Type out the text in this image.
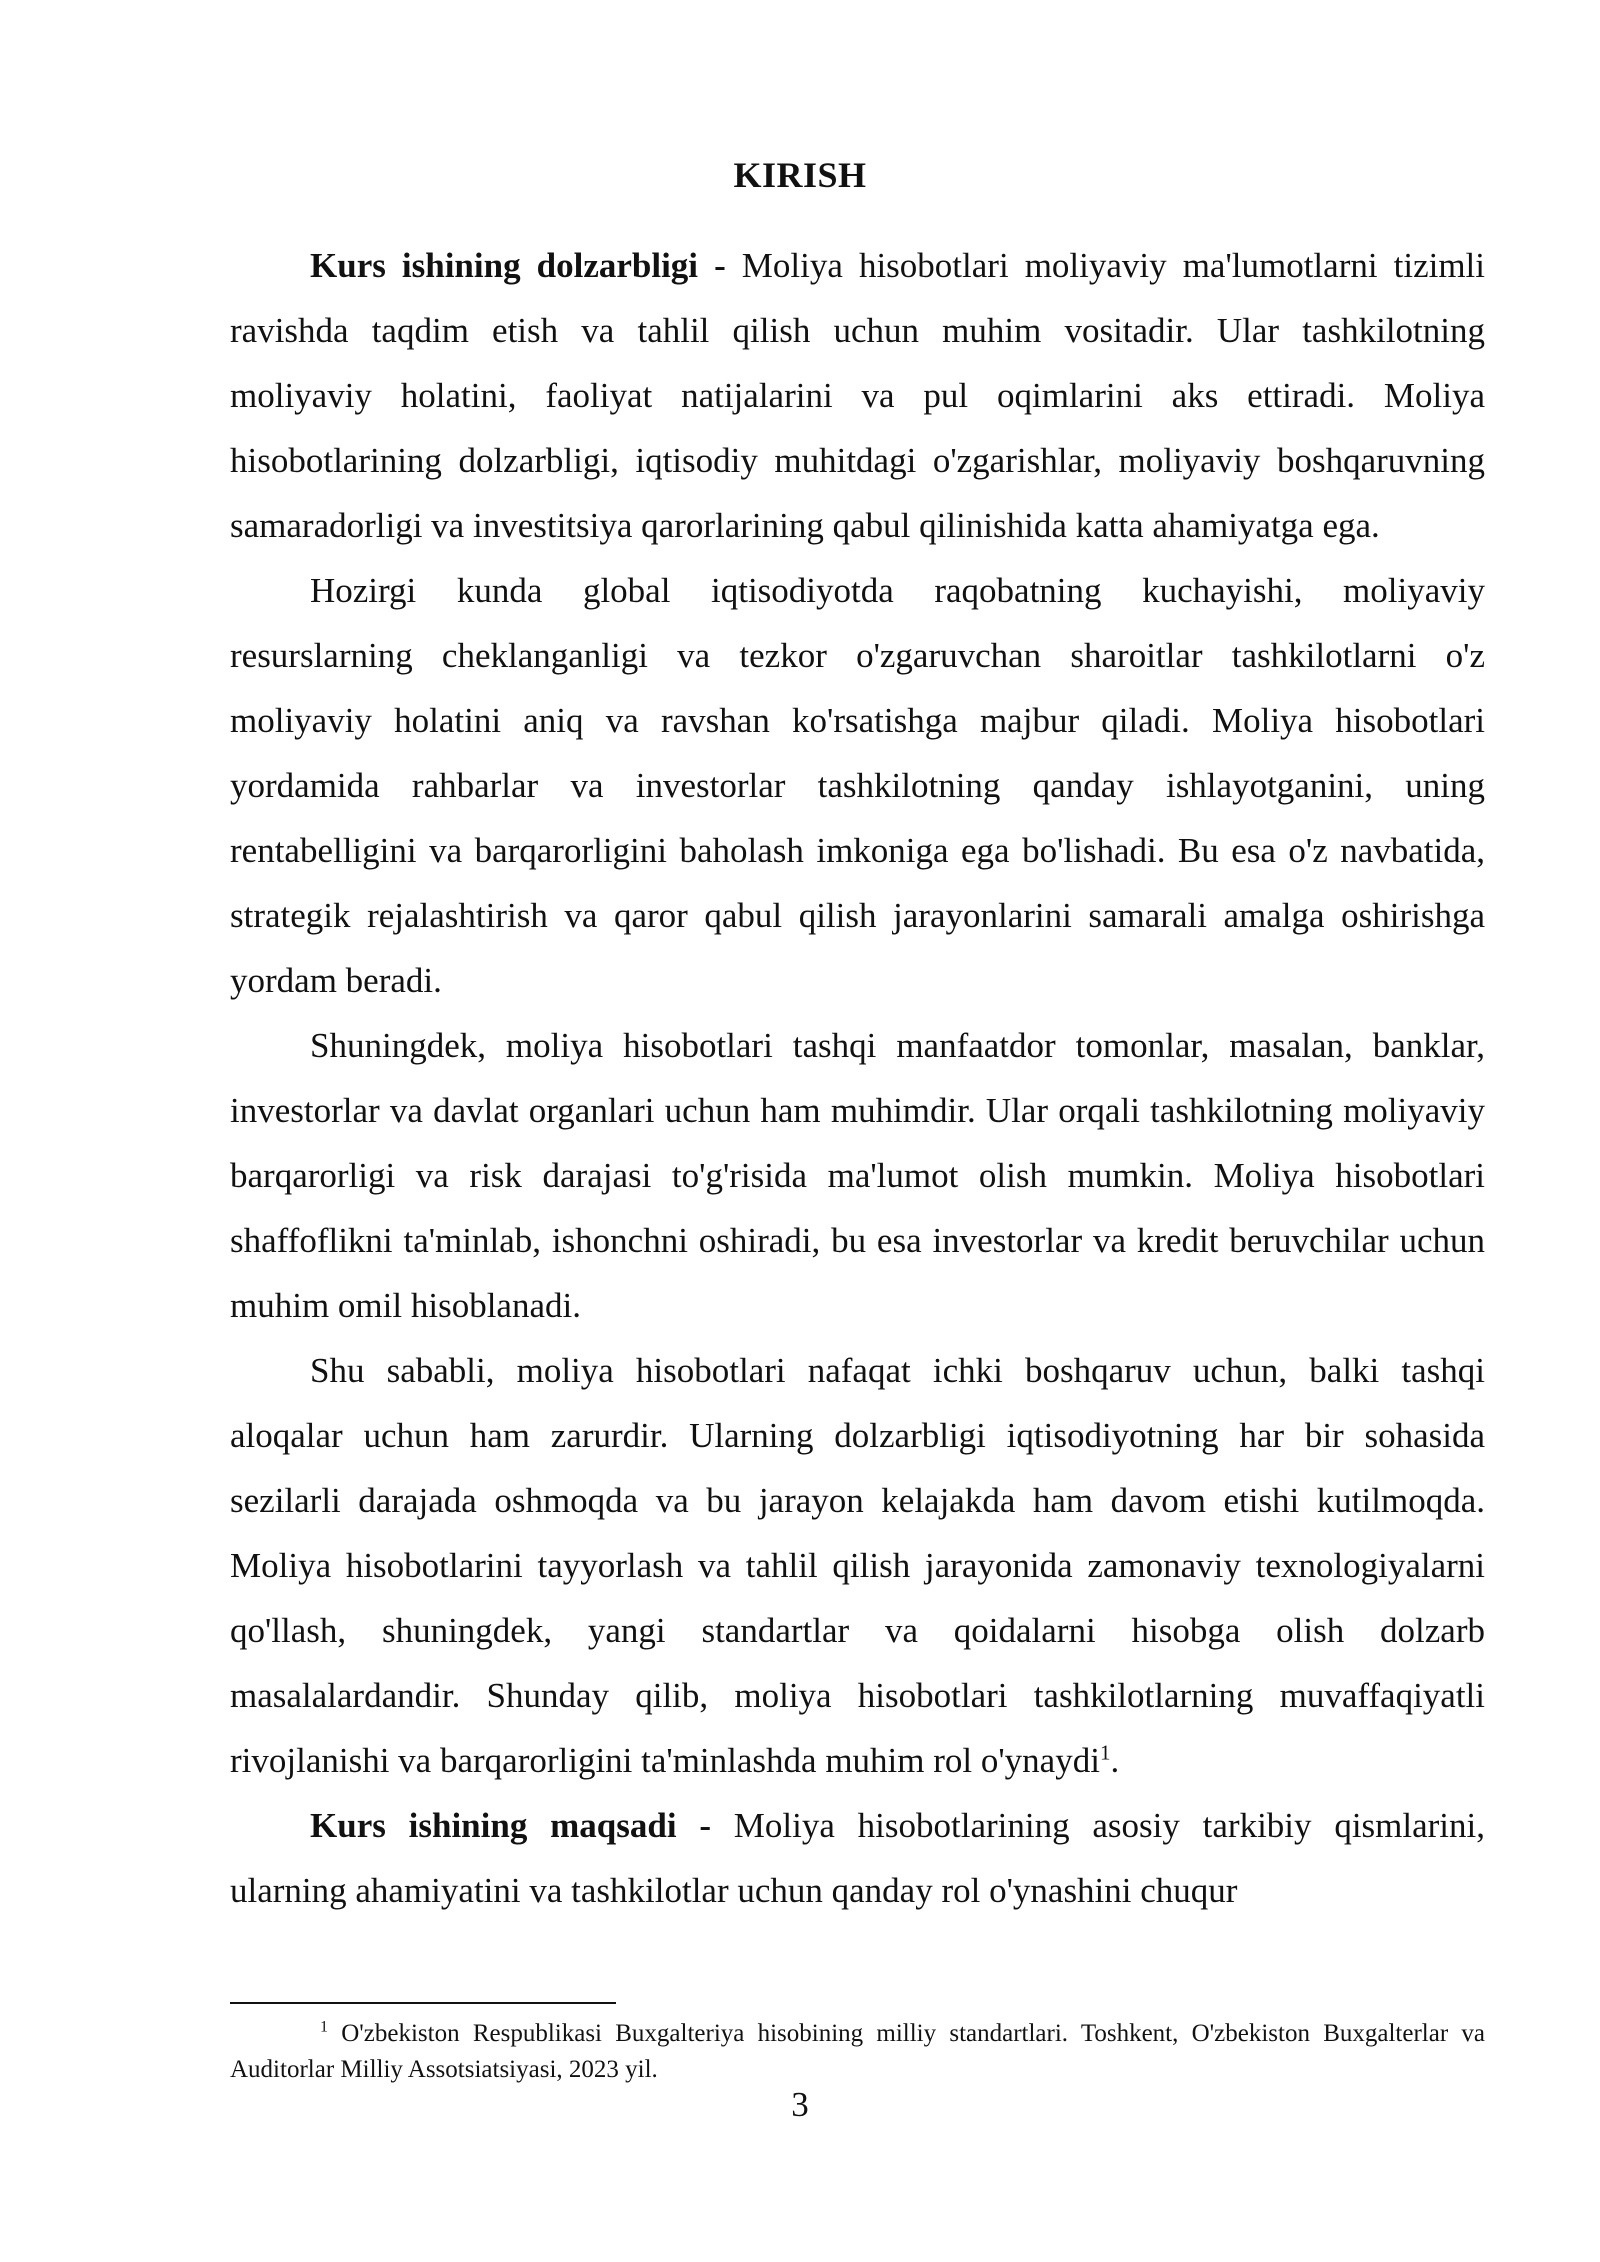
KIRISH

Kurs ishining dolzarbligi - Moliya hisobotlari moliyaviy ma'lumotlarni tizimli ravishda taqdim etish va tahlil qilish uchun muhim vositadir. Ular tashkilotning moliyaviy holatini, faoliyat natijalarini va pul oqimlarini aks ettiradi. Moliya hisobotlarining dolzarbligi, iqtisodiy muhitdagi o'zgarishlar, moliyaviy boshqaruvning samaradorligi va investitsiya qarorlarining qabul qilinishida katta ahamiyatga ega.

Hozirgi kunda global iqtisodiyotda raqobatning kuchayishi, moliyaviy resurslarning cheklanganligi va tezkor o'zgaruvchan sharoitlar tashkilotlarni o'z moliyaviy holatini aniq va ravshan ko'rsatishga majbur qiladi. Moliya hisobotlari yordamida rahbarlar va investorlar tashkilotning qanday ishlayotganini, uning rentabelligini va barqarorligini baholash imkoniga ega bo'lishadi. Bu esa o'z navbatida, strategik rejalashtirish va qaror qabul qilish jarayonlarini samarali amalga oshirishga yordam beradi.

Shuningdek, moliya hisobotlari tashqi manfaatdor tomonlar, masalan, banklar, investorlar va davlat organlari uchun ham muhimdir. Ular orqali tashkilotning moliyaviy barqarorligi va risk darajasi to'g'risida ma'lumot olish mumkin. Moliya hisobotlari shaffoflikni ta'minlab, ishonchni oshiradi, bu esa investorlar va kredit beruvchilar uchun muhim omil hisoblanadi.

Shu sababli, moliya hisobotlari nafaqat ichki boshqaruv uchun, balki tashqi aloqalar uchun ham zarurdir. Ularning dolzarbligi iqtisodiyotning har bir sohasida sezilarli darajada oshmoqda va bu jarayon kelajakda ham davom etishi kutilmoqda. Moliya hisobotlarini tayyorlash va tahlil qilish jarayonida zamonaviy texnologiyalarni qo'llash, shuningdek, yangi standartlar va qoidalarni hisobga olish dolzarb masalalardandir. Shunday qilib, moliya hisobotlari tashkilotlarning muvaffaqiyatli rivojlanishi va barqarorligini ta'minlashda muhim rol o'ynaydi$^1$.

Kurs ishining maqsadi - Moliya hisobotlarining asosiy tarkibiy qismlarini, ularning ahamiyatini va tashkilotlar uchun qanday rol o'ynashini chuqur

$^1$ O'zbekiston Respublikasi Buxgalteriya hisobining milliy standartlari. Toshkent, O'zbekiston Buxgalterlar va Auditorlar Milliy Assotsiatsiyasi, 2023 yil.
3
